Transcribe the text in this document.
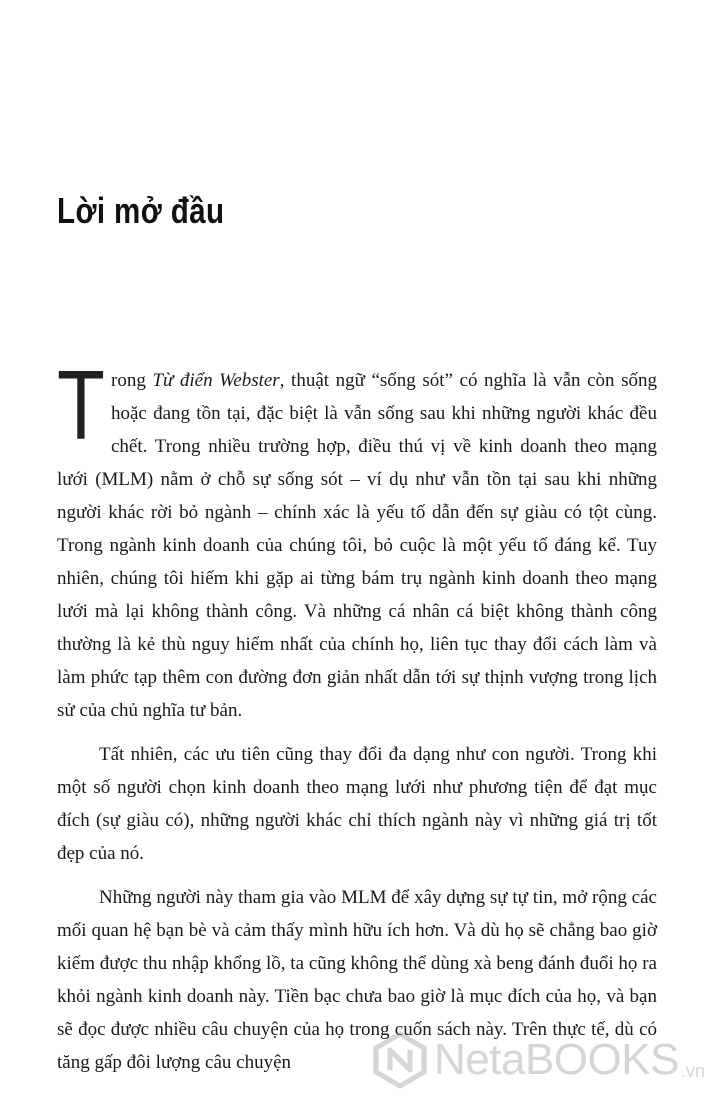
Lời mở đầu

Trong Từ điển Webster, thuật ngữ “sống sót” có nghĩa là vẫn còn sống hoặc đang tồn tại, đặc biệt là vẫn sống sau khi những người khác đều chết. Trong nhiều trường hợp, điều thú vị về kinh doanh theo mạng lưới (MLM) nằm ở chỗ sự sống sót – ví dụ như vẫn tồn tại sau khi những người khác rời bỏ ngành – chính xác là yếu tố dẫn đến sự giàu có tột cùng. Trong ngành kinh doanh của chúng tôi, bỏ cuộc là một yếu tố đáng kể. Tuy nhiên, chúng tôi hiếm khi gặp ai từng bám trụ ngành kinh doanh theo mạng lưới mà lại không thành công. Và những cá nhân cá biệt không thành công thường là kẻ thù nguy hiểm nhất của chính họ, liên tục thay đổi cách làm và làm phức tạp thêm con đường đơn giản nhất dẫn tới sự thịnh vượng trong lịch sử của chủ nghĩa tư bản.

Tất nhiên, các ưu tiên cũng thay đổi đa dạng như con người. Trong khi một số người chọn kinh doanh theo mạng lưới như phương tiện để đạt mục đích (sự giàu có), những người khác chỉ thích ngành này vì những giá trị tốt đẹp của nó.

Những người này tham gia vào MLM để xây dựng sự tự tin, mở rộng các mối quan hệ bạn bè và cảm thấy mình hữu ích hơn. Và dù họ sẽ chẳng bao giờ kiếm được thu nhập khổng lồ, ta cũng không thể dùng xà beng đánh đuổi họ ra khỏi ngành kinh doanh này. Tiền bạc chưa bao giờ là mục đích của họ, và bạn sẽ đọc được nhiều câu chuyện của họ trong cuốn sách này. Trên thực tế, dù có tăng gấp đôi lượng câu chuyện	NetaBOOKS .vn
